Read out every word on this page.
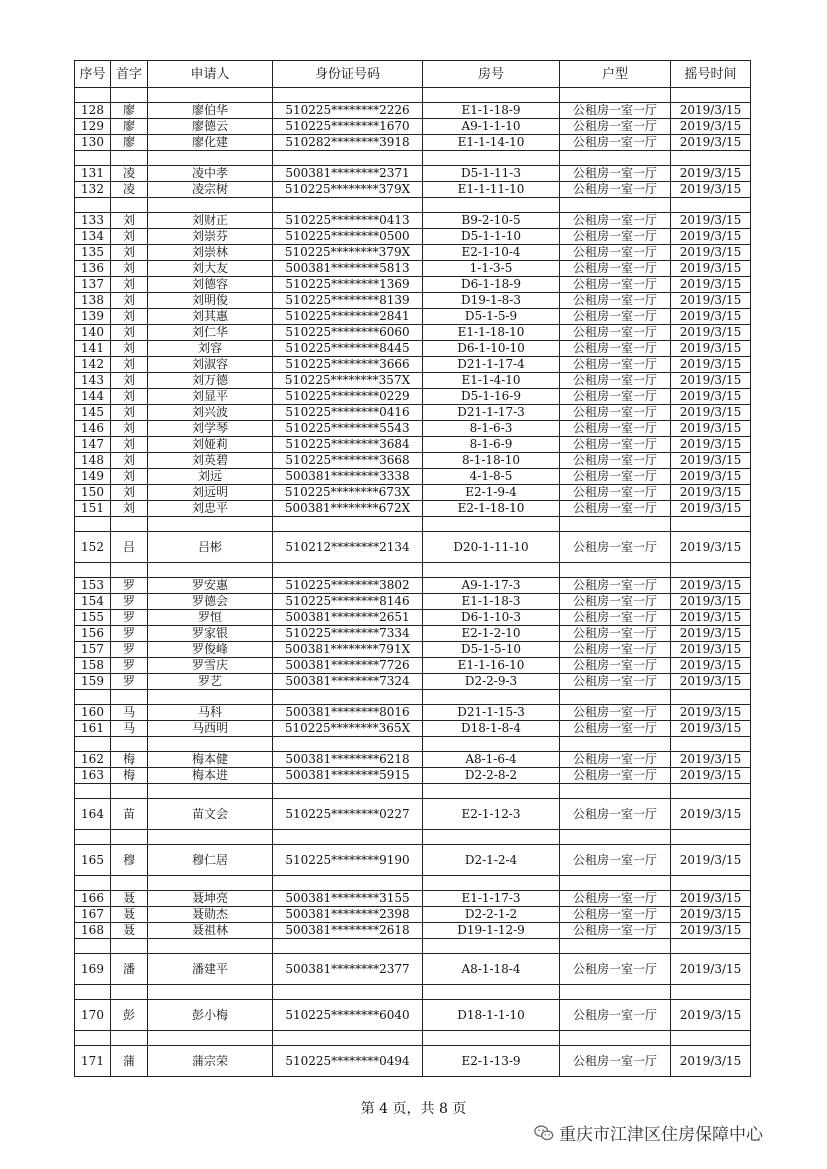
序号	首字	申请人	身份证号码	房号	户型	摇号时间

128	廖	廖伯华	510225********2226	E1-1-18-9	公租房一室一厅	2019/3/15
129	廖	廖德云	510225********1670	A9-1-1-10	公租房一室一厅	2019/3/15
130	廖	廖化建	510282********3918	E1-1-14-10	公租房一室一厅	2019/3/15

131	凌	凌中孝	500381********2371	D5-1-11-3	公租房一室一厅	2019/3/15
132	凌	凌宗树	510225********379X	E1-1-11-10	公租房一室一厅	2019/3/15

133	刘	刘财正	510225********0413	B9-2-10-5	公租房一室一厅	2019/3/15
134	刘	刘崇芬	510225********0500	D5-1-1-10	公租房一室一厅	2019/3/15
135	刘	刘崇林	510225********379X	E2-1-10-4	公租房一室一厅	2019/3/15
136	刘	刘大友	500381********5813	1-1-3-5	公租房一室一厅	2019/3/15
137	刘	刘德容	510225********1369	D6-1-18-9	公租房一室一厅	2019/3/15
138	刘	刘明俊	510225********8139	D19-1-8-3	公租房一室一厅	2019/3/15
139	刘	刘其惠	510225********2841	D5-1-5-9	公租房一室一厅	2019/3/15
140	刘	刘仁华	510225********6060	E1-1-18-10	公租房一室一厅	2019/3/15
141	刘	刘容	510225********8445	D6-1-10-10	公租房一室一厅	2019/3/15
142	刘	刘淑容	510225********3666	D21-1-17-4	公租房一室一厅	2019/3/15
143	刘	刘万德	510225********357X	E1-1-4-10	公租房一室一厅	2019/3/15
144	刘	刘显平	510225********0229	D5-1-16-9	公租房一室一厅	2019/3/15
145	刘	刘兴波	510225********0416	D21-1-17-3	公租房一室一厅	2019/3/15
146	刘	刘学琴	510225********5543	8-1-6-3	公租房一室一厅	2019/3/15
147	刘	刘娅莉	510225********3684	8-1-6-9	公租房一室一厅	2019/3/15
148	刘	刘英碧	510225********3668	8-1-18-10	公租房一室一厅	2019/3/15
149	刘	刘远	500381********3338	4-1-8-5	公租房一室一厅	2019/3/15
150	刘	刘远明	510225********673X	E2-1-9-4	公租房一室一厅	2019/3/15
151	刘	刘忠平	500381********672X	E2-1-18-10	公租房一室一厅	2019/3/15

152	吕	吕彬	510212********2134	D20-1-11-10	公租房一室一厅	2019/3/15

153	罗	罗安惠	510225********3802	A9-1-17-3	公租房一室一厅	2019/3/15
154	罗	罗德会	510225********8146	E1-1-18-3	公租房一室一厅	2019/3/15
155	罗	罗恒	500381********2651	D6-1-10-3	公租房一室一厅	2019/3/15
156	罗	罗家银	510225********7334	E2-1-2-10	公租房一室一厅	2019/3/15
157	罗	罗俊峰	500381********791X	D5-1-5-10	公租房一室一厅	2019/3/15
158	罗	罗雪庆	500381********7726	E1-1-16-10	公租房一室一厅	2019/3/15
159	罗	罗艺	500381********7324	D2-2-9-3	公租房一室一厅	2019/3/15

160	马	马科	500381********8016	D21-1-15-3	公租房一室一厅	2019/3/15
161	马	马西明	510225********365X	D18-1-8-4	公租房一室一厅	2019/3/15

162	梅	梅本健	500381********6218	A8-1-6-4	公租房一室一厅	2019/3/15
163	梅	梅本进	500381********5915	D2-2-8-2	公租房一室一厅	2019/3/15

164	苗	苗文会	510225********0227	E2-1-12-3	公租房一室一厅	2019/3/15

165	穆	穆仁居	510225********9190	D2-1-2-4	公租房一室一厅	2019/3/15

166	聂	聂坤亮	500381********3155	E1-1-17-3	公租房一室一厅	2019/3/15
167	聂	聂勋杰	500381********2398	D2-2-1-2	公租房一室一厅	2019/3/15
168	聂	聂祖林	500381********2618	D19-1-12-9	公租房一室一厅	2019/3/15

169	潘	潘建平	500381********2377	A8-1-18-4	公租房一室一厅	2019/3/15

170	彭	彭小梅	510225********6040	D18-1-1-10	公租房一室一厅	2019/3/15

171	蒲	蒲宗荣	510225********0494	E2-1-13-9	公租房一室一厅	2019/3/15
第 4 页，共 8 页
重庆市江津区住房保障中心
